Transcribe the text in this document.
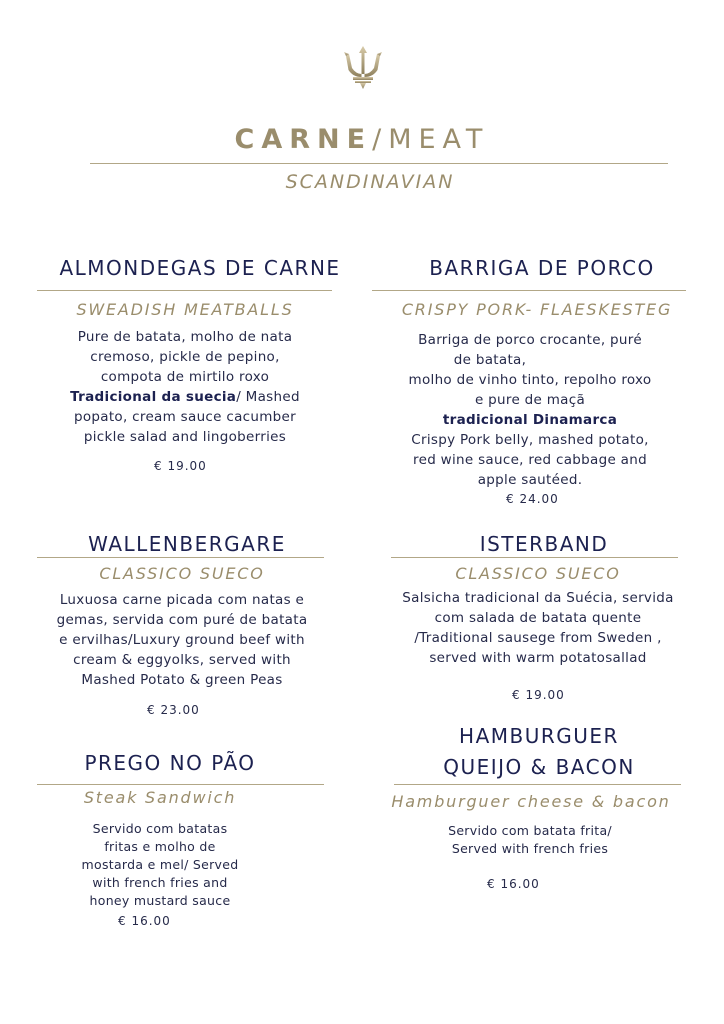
CARNE/MEAT
SCANDINAVIAN
ALMONDEGAS DE CARNE
SWEADISH MEATBALLS
Pure de batata, molho de nata
cremoso, pickle de pepino,
compota de mirtilo roxo
Tradicional da suecia/ Mashed
popato, cream sauce cacumber
pickle salad and lingoberries
€ 19.00
BARRIGA DE PORCO
CRISPY PORK- FLAESKESTEG
Barriga de porco crocante, puré
de batata,
molho de vinho tinto, repolho roxo
e pure de maçã
tradicional Dinamarca
Crispy Pork belly, mashed potato,
red wine sauce, red cabbage and
apple sautéed.
€ 24.00
WALLENBERGARE
CLASSICO SUECO
Luxuosa carne picada com natas e
gemas, servida com puré de batata
e ervilhas/Luxury ground beef with
cream & eggyolks, served with
Mashed Potato & green Peas
€ 23.00
ISTERBAND
CLASSICO SUECO
Salsicha tradicional da Suécia, servida
com salada de batata quente
/Traditional sausege from Sweden ,
served with warm potatosallad
€ 19.00
PREGO NO PÃO
Steak Sandwich
Servido com batatas
fritas e molho de
mostarda e mel/ Served
with french fries and
honey mustard sauce
€ 16.00
HAMBURGUER
QUEIJO & BACON
Hamburguer cheese & bacon
Servido com batata frita/
Served with french fries
€ 16.00
